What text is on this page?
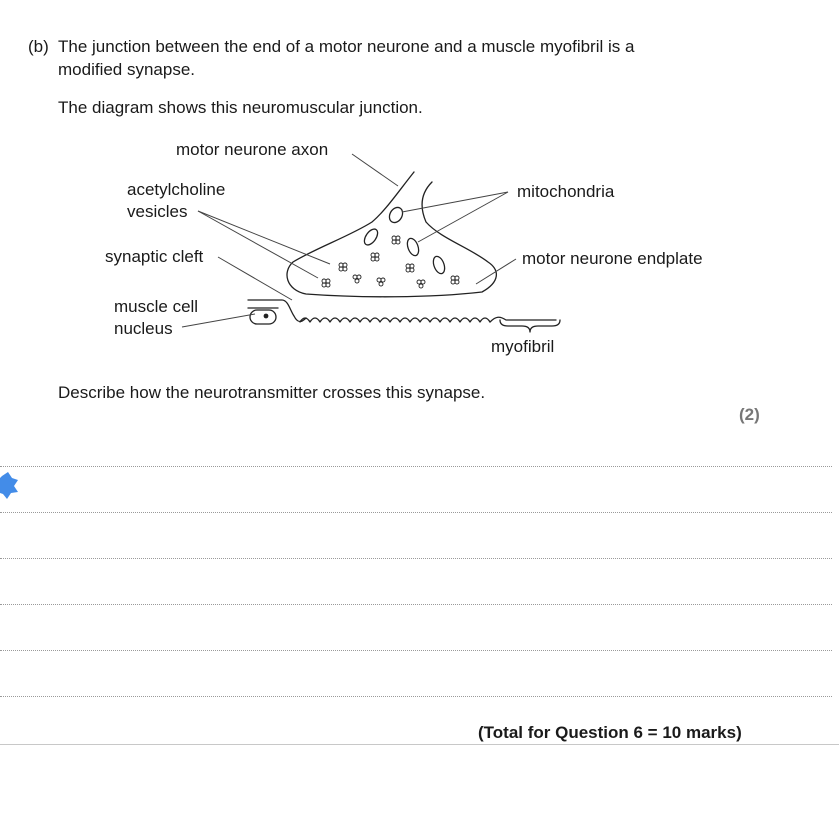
(b) The junction between the end of a motor neurone and a muscle myofibril is a
modified synapse.
The diagram shows this neuromuscular junction.
motor neurone axon
acetylcholine
vesicles
synaptic cleft
muscle cell
nucleus
mitochondria
motor neurone endplate
myofibril
Describe how the neurotransmitter crosses this synapse.
(2)
(Total for Question 6 = 10 marks)
